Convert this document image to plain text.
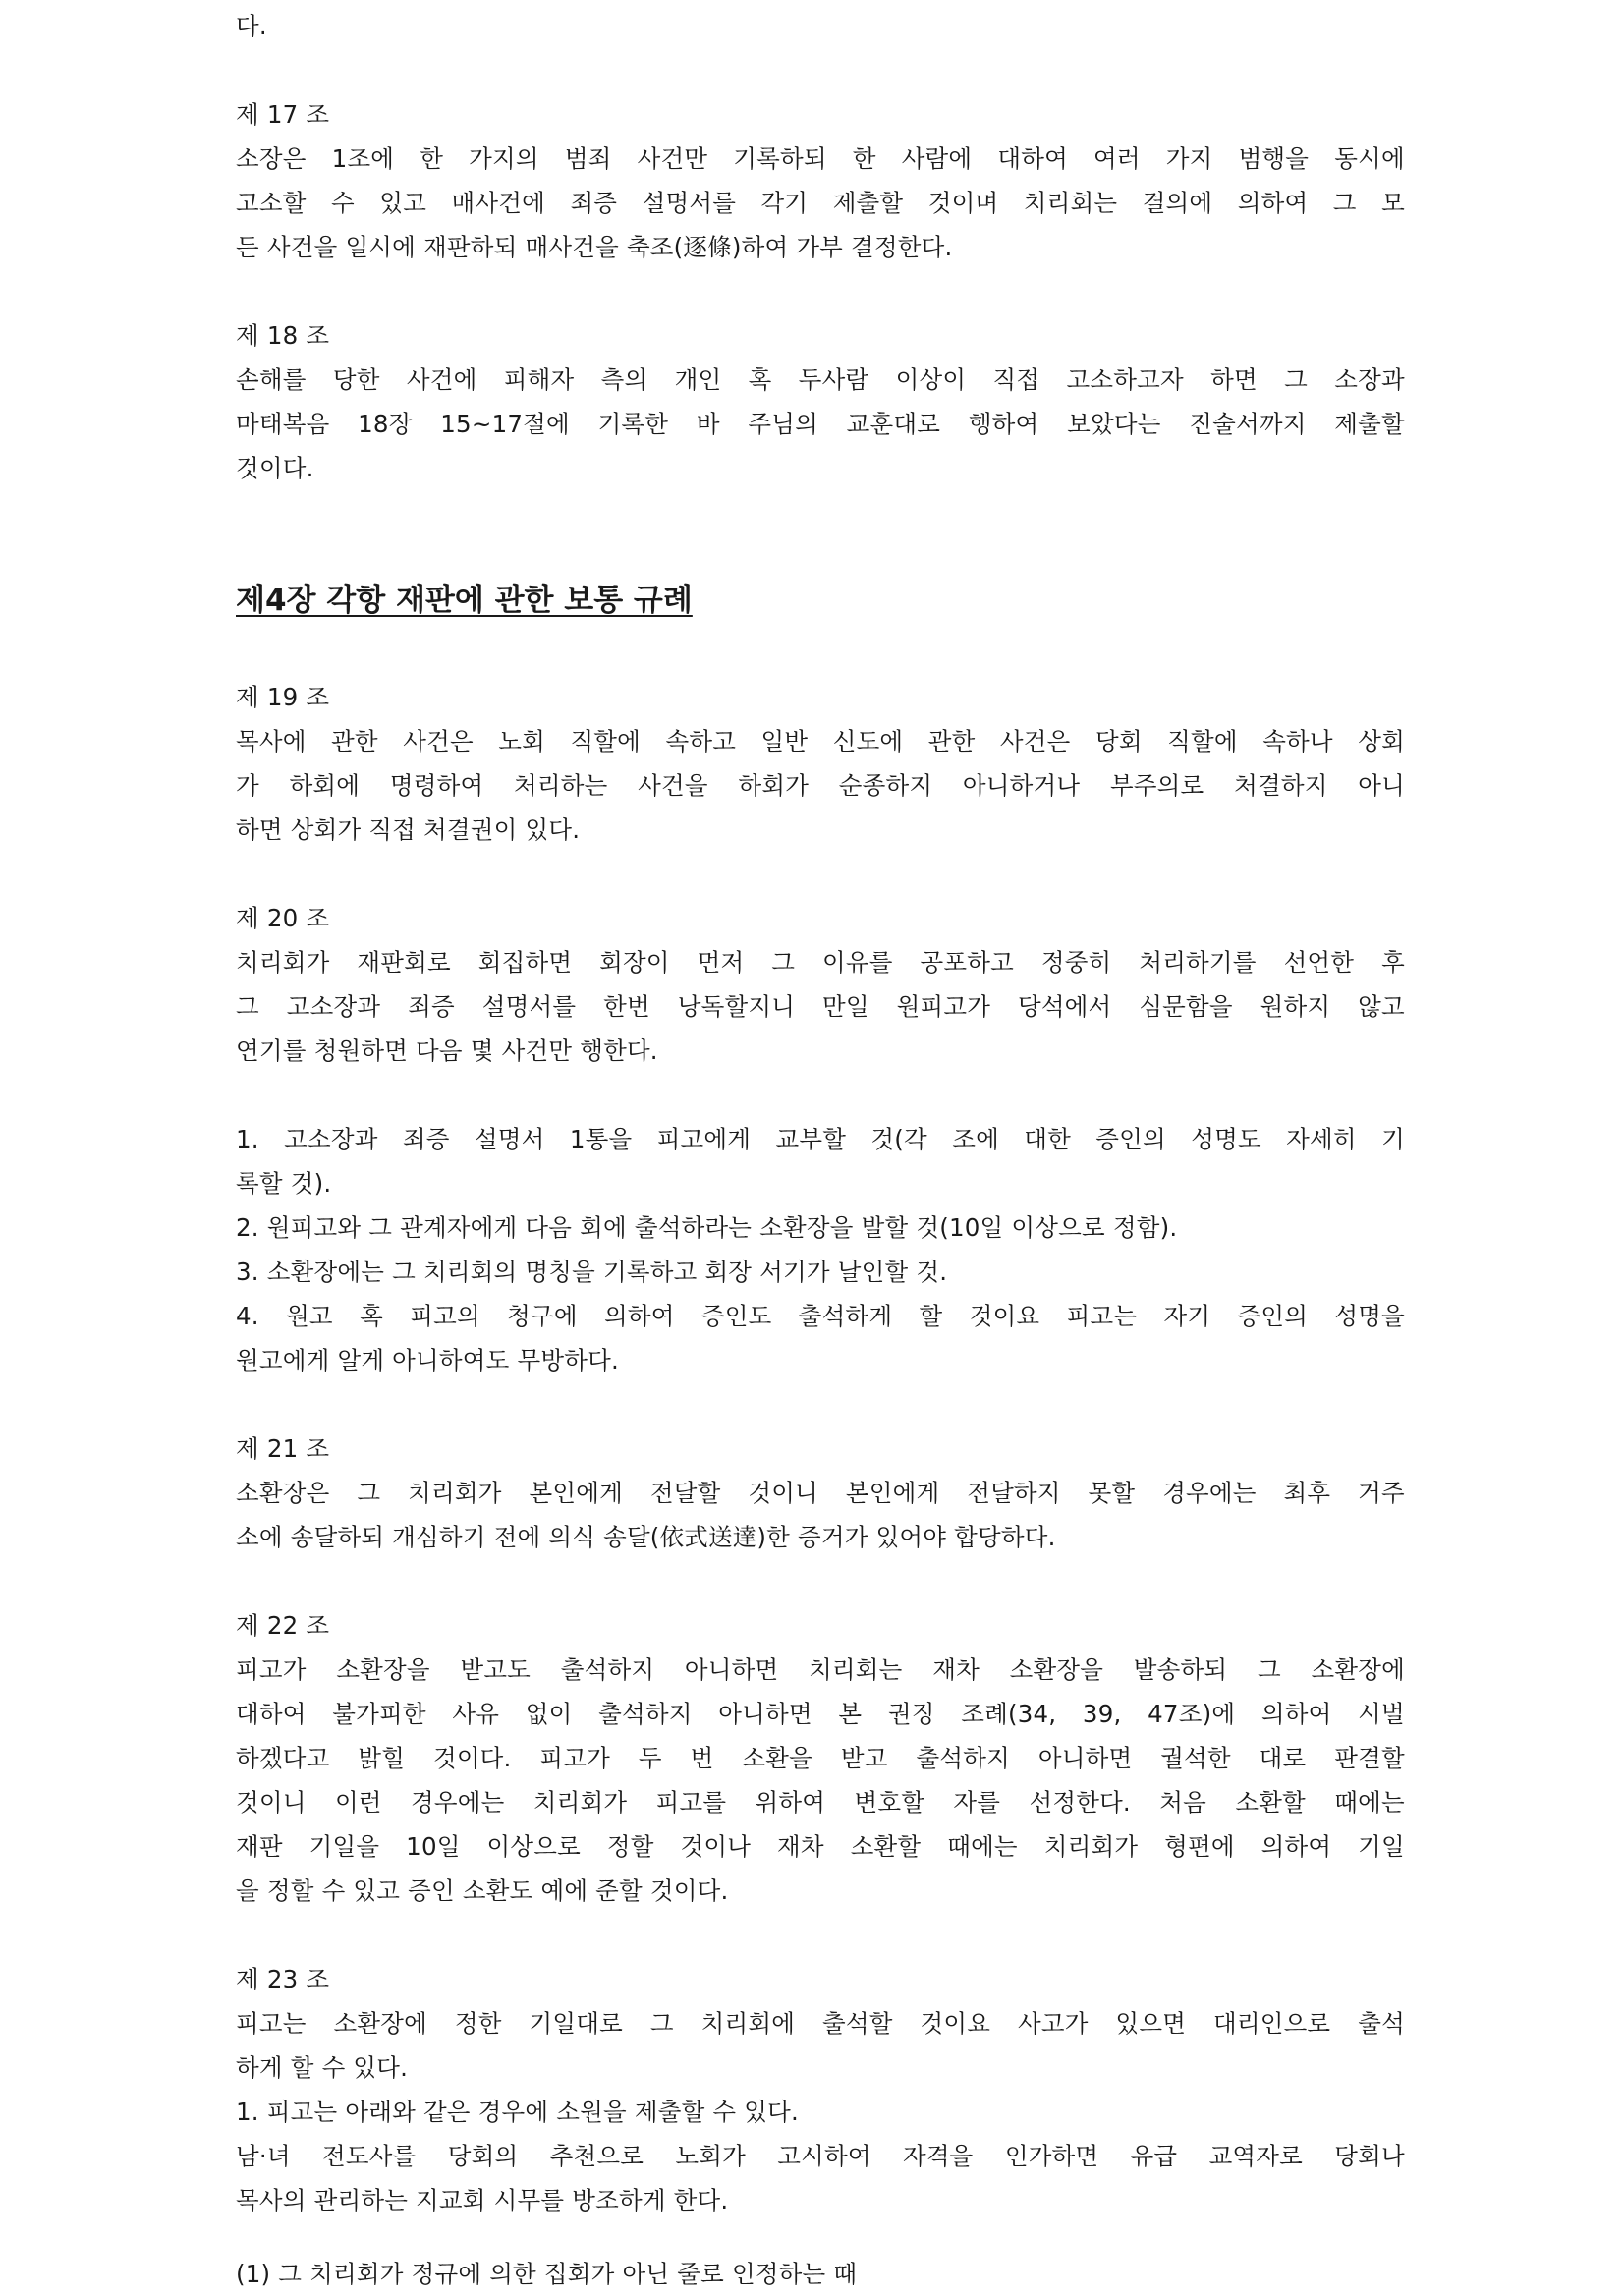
제4장 각항 재판에 관한 보통 규례
다.
제 17 조
소장은 1조에 한 가지의 범죄 사건만 기록하되 한 사람에 대하여 여러 가지 범행을 동시에
고소할 수 있고 매사건에 죄증 설명서를 각기 제출할 것이며 치리회는 결의에 의하여 그 모
든 사건을 일시에 재판하되 매사건을 축조(逐條)하여 가부 결정한다.
제 18 조
손해를 당한 사건에 피해자 측의 개인 혹 두사람 이상이 직접 고소하고자 하면 그 소장과
마태복음 18장 15~17절에 기록한 바 주님의 교훈대로 행하여 보았다는 진술서까지 제출할
것이다.
제 19 조
목사에 관한 사건은 노회 직할에 속하고 일반 신도에 관한 사건은 당회 직할에 속하나 상회
가 하회에 명령하여 처리하는 사건을 하회가 순종하지 아니하거나 부주의로 처결하지 아니
하면 상회가 직접 처결권이 있다.
제 20 조
치리회가 재판회로 회집하면 회장이 먼저 그 이유를 공포하고 정중히 처리하기를 선언한 후
그 고소장과 죄증 설명서를 한번 낭독할지니 만일 원피고가 당석에서 심문함을 원하지 않고
연기를 청원하면 다음 몇 사건만 행한다.
1. 고소장과 죄증 설명서 1통을 피고에게 교부할 것(각 조에 대한 증인의 성명도 자세히 기
록할 것).
2. 원피고와 그 관계자에게 다음 회에 출석하라는 소환장을 발할 것(10일 이상으로 정함).
3. 소환장에는 그 치리회의 명칭을 기록하고 회장 서기가 날인할 것.
4. 원고 혹 피고의 청구에 의하여 증인도 출석하게 할 것이요 피고는 자기 증인의 성명을
원고에게 알게 아니하여도 무방하다.
제 21 조
소환장은 그 치리회가 본인에게 전달할 것이니 본인에게 전달하지 못할 경우에는 최후 거주
소에 송달하되 개심하기 전에 의식 송달(依式送達)한 증거가 있어야 합당하다.
제 22 조
피고가 소환장을 받고도 출석하지 아니하면 치리회는 재차 소환장을 발송하되 그 소환장에
대하여 불가피한 사유 없이 출석하지 아니하면 본 권징 조례(34, 39, 47조)에 의하여 시벌
하겠다고 밝힐 것이다. 피고가 두 번 소환을 받고 출석하지 아니하면 궐석한 대로 판결할
것이니 이런 경우에는 치리회가 피고를 위하여 변호할 자를 선정한다. 처음 소환할 때에는
재판 기일을 10일 이상으로 정할 것이나 재차 소환할 때에는 치리회가 형편에 의하여 기일
을 정할 수 있고 증인 소환도 예에 준할 것이다.
제 23 조
피고는 소환장에 정한 기일대로 그 치리회에 출석할 것이요 사고가 있으면 대리인으로 출석
하게 할 수 있다.
1. 피고는 아래와 같은 경우에 소원을 제출할 수 있다.
남·녀 전도사를 당회의 추천으로 노회가 고시하여 자격을 인가하면 유급 교역자로 당회나
목사의 관리하는 지교회 시무를 방조하게 한다.
(1) 그 치리회가 정규에 의한 집회가 아닌 줄로 인정하는 때
